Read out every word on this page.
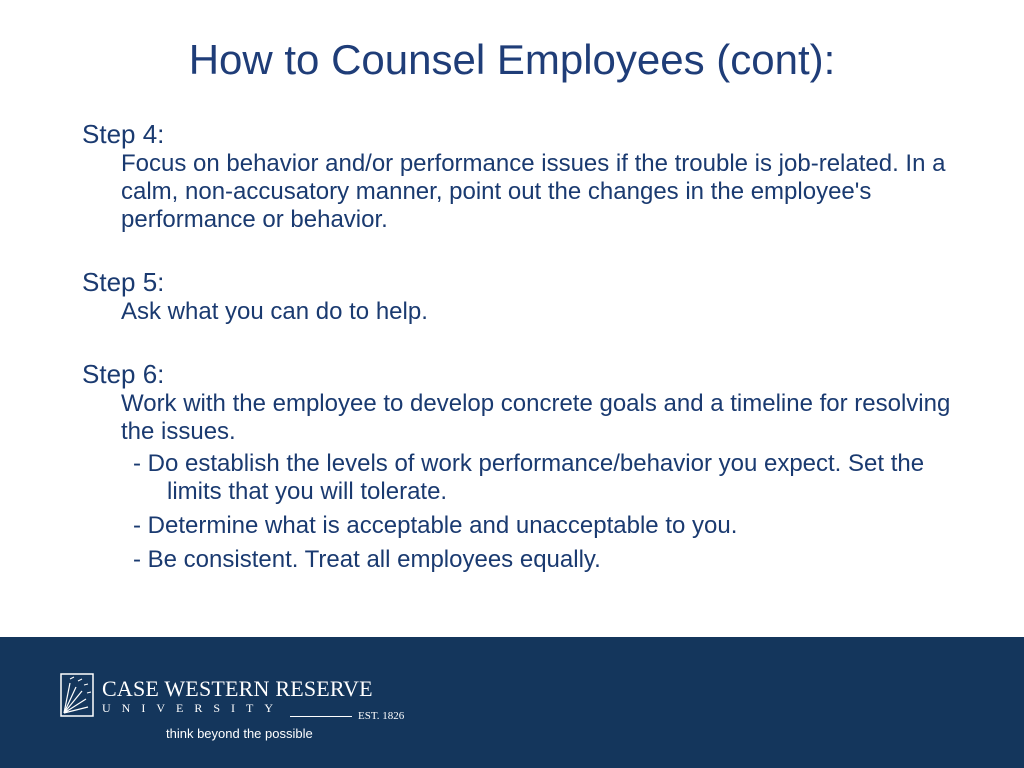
How to Counsel Employees (cont):
Step 4:
Focus on behavior and/or performance issues if the trouble is job-related. In a calm, non-accusatory manner, point out the changes in the employee's performance or behavior.
Step 5:
Ask what you can do to help.
Step 6:
Work with the employee to develop concrete goals and a timeline for resolving the issues.
- Do establish the levels of work performance/behavior you expect. Set the limits that you will tolerate.
- Determine what is acceptable and unacceptable to you.
- Be consistent. Treat all employees equally.
CASE WESTERN RESERVE
UNIVERSITY
EST. 1826
think beyond the possible
